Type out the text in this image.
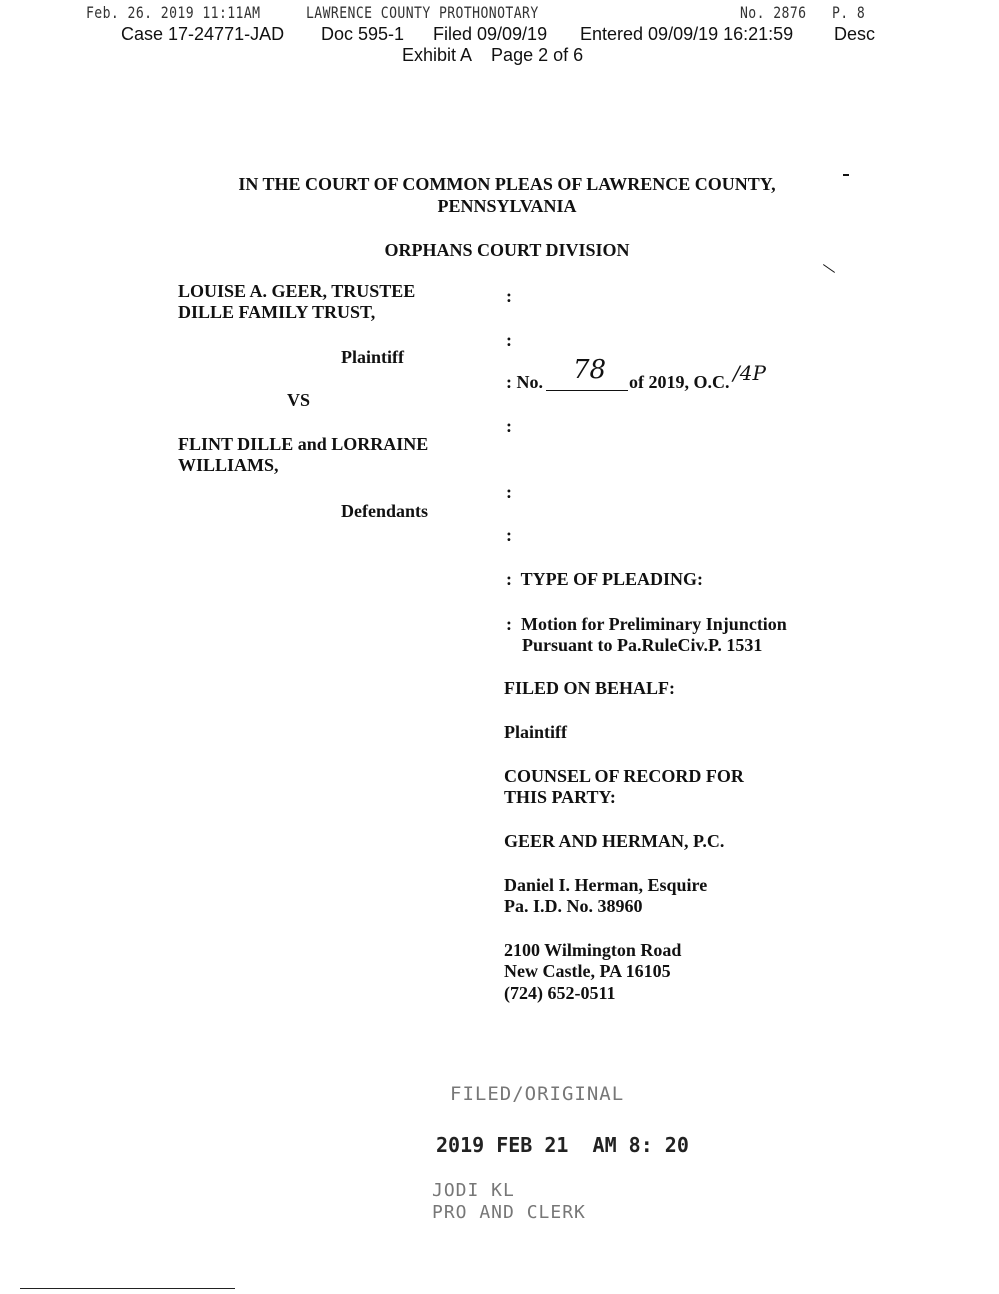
Feb. 26. 2019 11:11AM	LAWRENCE COUNTY PROTHONOTARY	No. 2876 P. 8
Case 17-24771-JAD Doc 595-1 Filed 09/09/19 Entered 09/09/19 16:21:59 Desc
Exhibit A    Page 2 of 6
IN THE COURT OF COMMON PLEAS OF LAWRENCE COUNTY,
PENNSYLVANIA
ORPHANS COURT DIVISION
LOUISE A. GEER, TRUSTEE
DILLE FAMILY TRUST,
Plaintiff
VS
FLINT DILLE and LORRAINE
WILLIAMS,
Defendants
:
:
:
:
:
: No. 78 of 2019, O.C. /4P
:  TYPE OF PLEADING:
:  Motion for Preliminary Injunction
Pursuant to Pa.RuleCiv.P. 1531
FILED ON BEHALF:
Plaintiff
COUNSEL OF RECORD FOR
THIS PARTY:
GEER AND HERMAN, P.C.
Daniel I. Herman, Esquire
Pa. I.D. No. 38960
2100 Wilmington Road
New Castle, PA 16105
(724) 652-0511
FILED/ORIGINAL
2019 FEB 21  AM 8: 20
JODI KL
PRO AND CLERK
